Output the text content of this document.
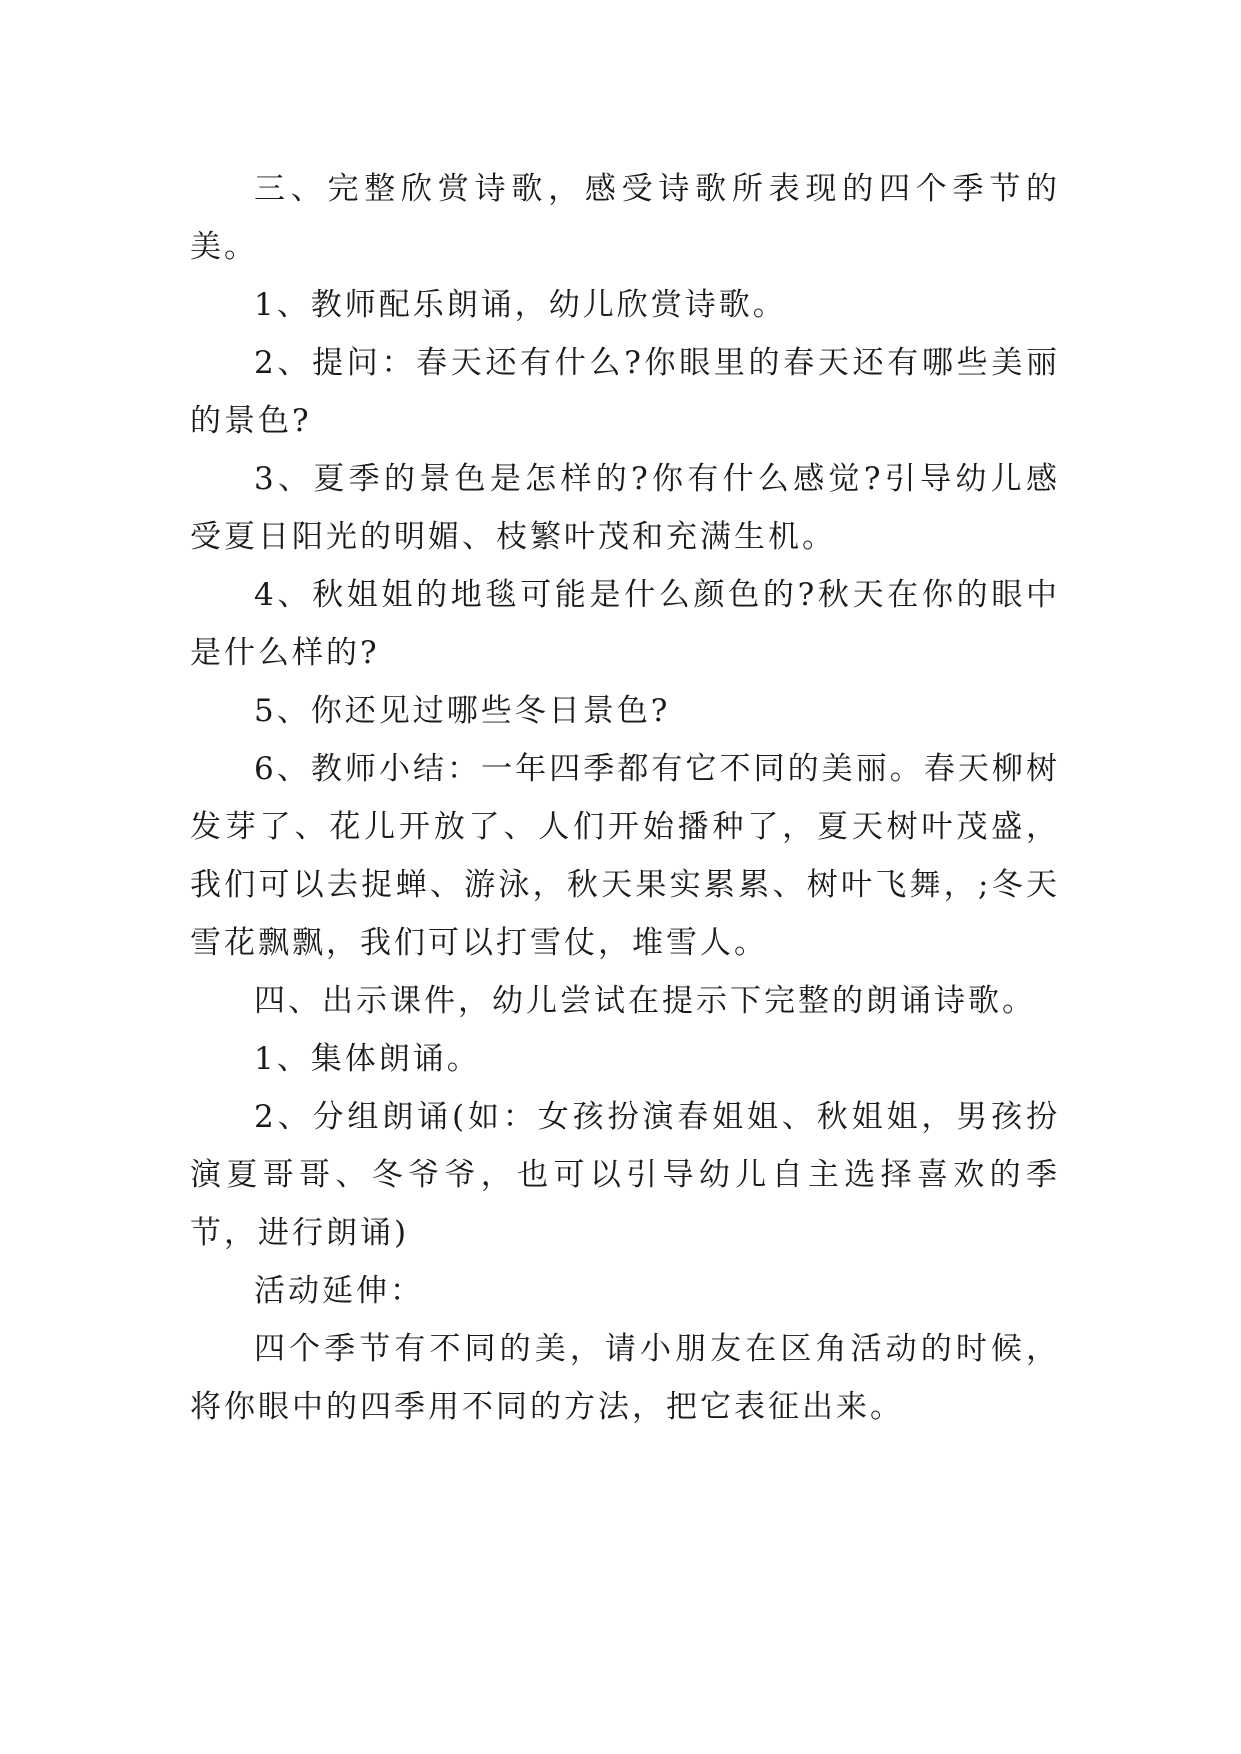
三、完整欣赏诗歌，感受诗歌所表现的四个季节的美。

1、教师配乐朗诵，幼儿欣赏诗歌。

2、提问：春天还有什么?你眼里的春天还有哪些美丽的景色?

3、夏季的景色是怎样的?你有什么感觉?引导幼儿感受夏日阳光的明媚、枝繁叶茂和充满生机。

4、秋姐姐的地毯可能是什么颜色的?秋天在你的眼中是什么样的?

5、你还见过哪些冬日景色?

6、教师小结：一年四季都有它不同的美丽。春天柳树发芽了、花儿开放了、人们开始播种了，夏天树叶茂盛，我们可以去捉蝉、游泳，秋天果实累累、树叶飞舞，;冬天雪花飘飘，我们可以打雪仗，堆雪人。

四、出示课件，幼儿尝试在提示下完整的朗诵诗歌。

1、集体朗诵。

2、分组朗诵(如：女孩扮演春姐姐、秋姐姐，男孩扮演夏哥哥、冬爷爷，也可以引导幼儿自主选择喜欢的季节，进行朗诵)

活动延伸：

四个季节有不同的美，请小朋友在区角活动的时候，将你眼中的四季用不同的方法，把它表征出来。
